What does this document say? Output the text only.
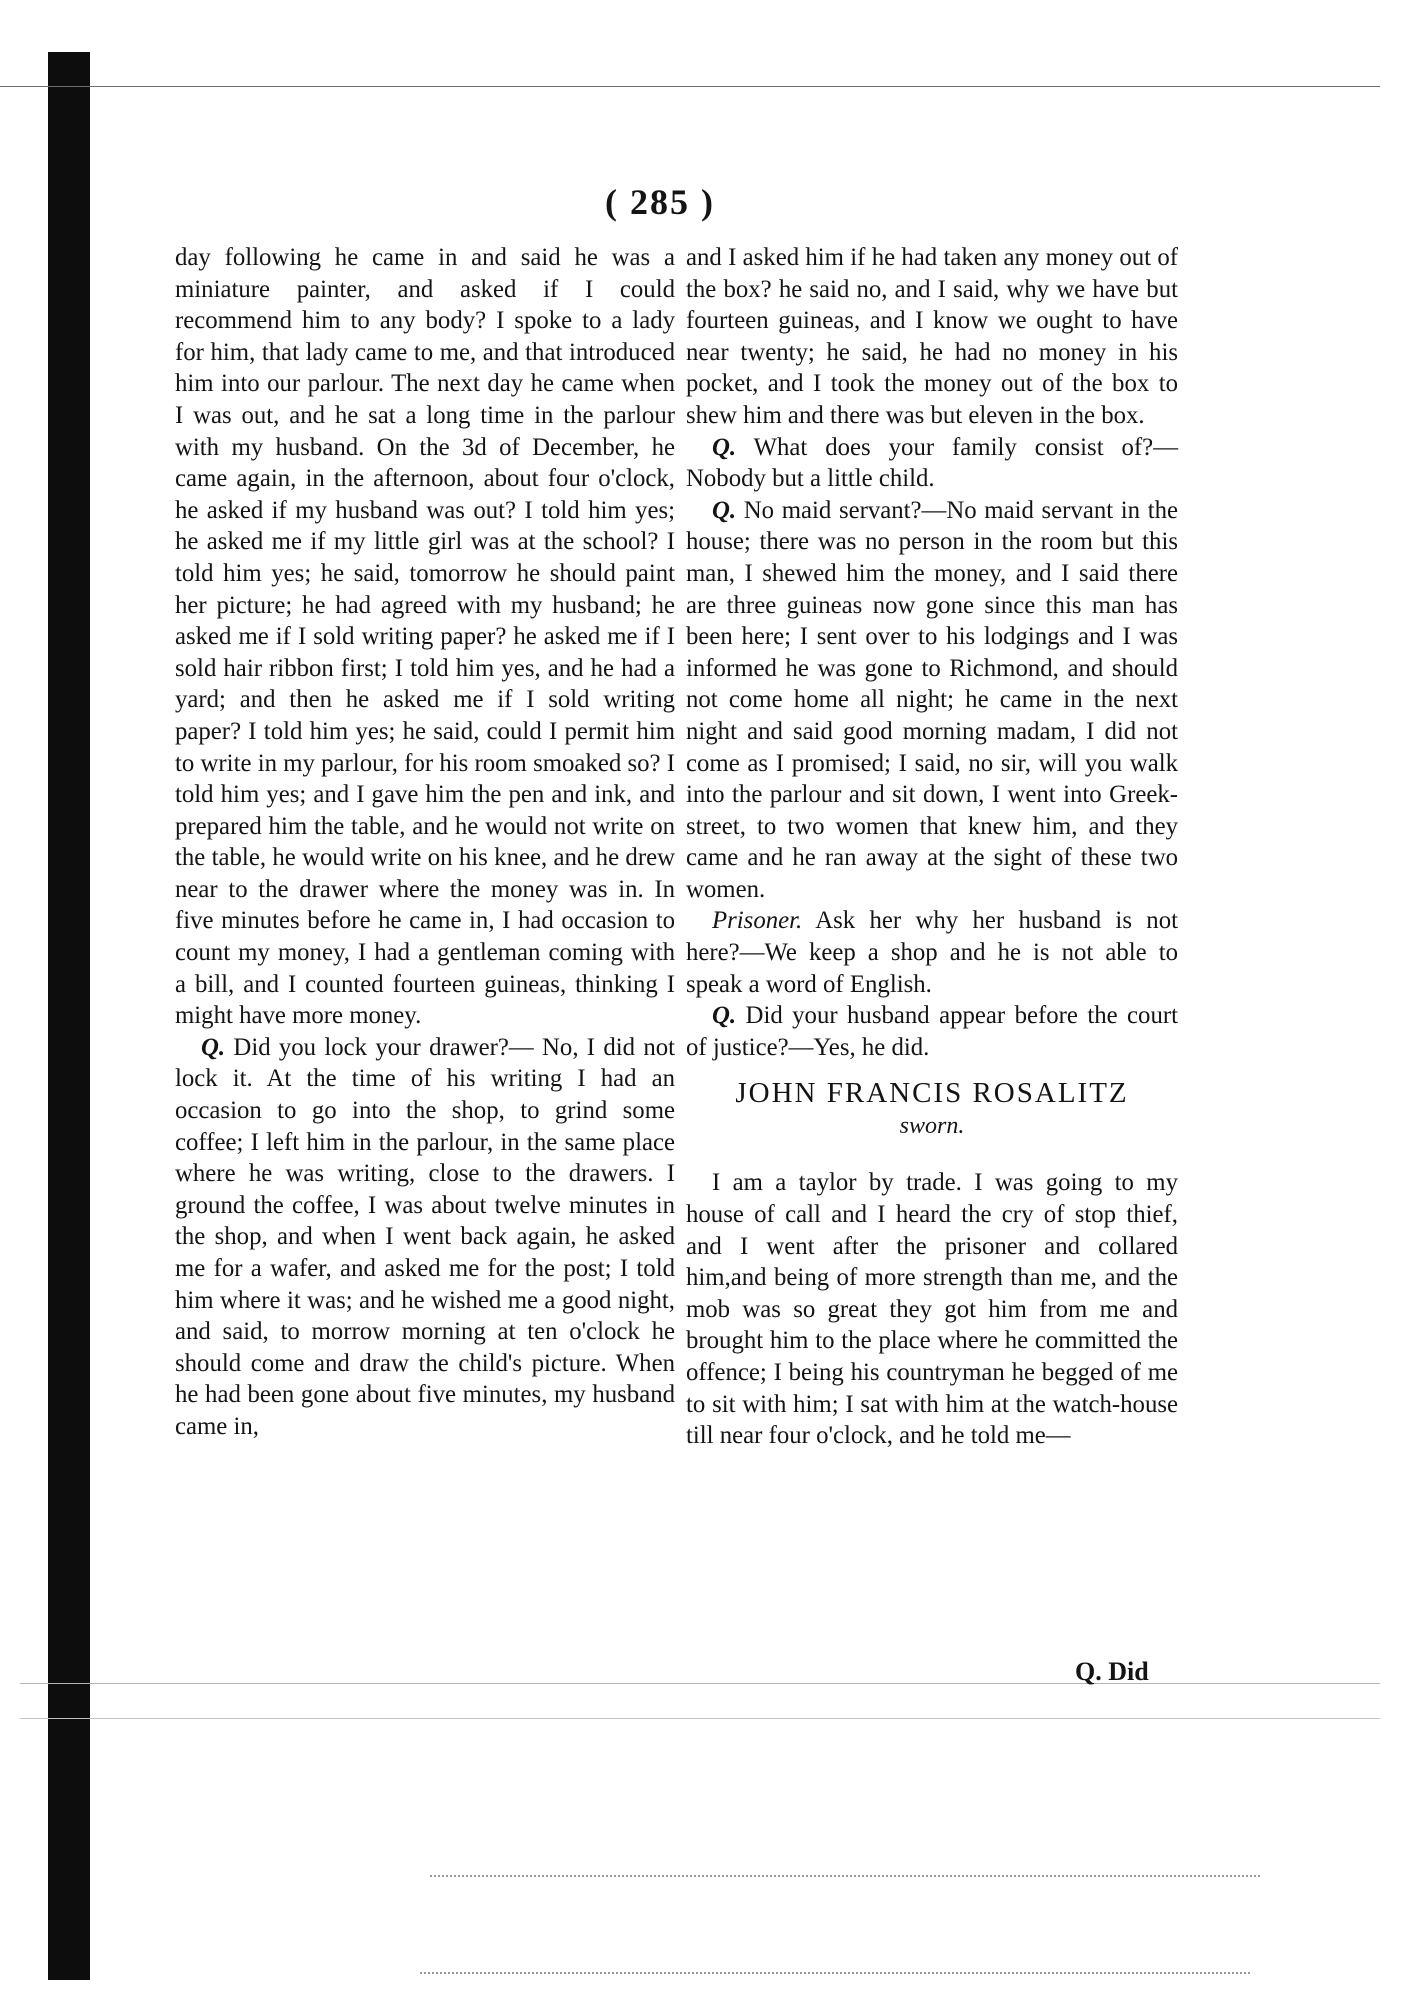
( 285 )

day following he came in and said he was a miniature painter, and asked if I could recommend him to any body? I spoke to a lady for him, that lady came to me, and that introduced him into our parlour. The next day he came when I was out, and he sat a long time in the parlour with my husband. On the 3d of December, he came again, in the afternoon, about four o'clock, he asked if my husband was out? I told him yes; he asked me if my little girl was at the school? I told him yes; he said, tomorrow he should paint her picture; he had agreed with my husband; he asked me if I sold writing paper? he asked me if I sold hair ribbon first; I told him yes, and he had a yard; and then he asked me if I sold writing paper? I told him yes; he said, could I permit him to write in my parlour, for his room smoaked so? I told him yes; and I gave him the pen and ink, and prepared him the table, and he would not write on the table, he would write on his knee, and he drew near to the drawer where the money was in. In five minutes before he came in, I had occasion to count my money, I had a gentleman coming with a bill, and I counted fourteen guineas, thinking I might have more money.

Q. Did you lock your drawer?— No, I did not lock it. At the time of his writing I had an occasion to go into the shop, to grind some coffee; I left him in the parlour, in the same place where he was writing, close to the drawers. I ground the coffee, I was about twelve minutes in the shop, and when I went back again, he asked me for a wafer, and asked me for the post; I told him where it was; and he wished me a good night, and said, to morrow morning at ten o'clock he should come and draw the child's picture. When he had been gone about five minutes, my husband came in,

and I asked him if he had taken any money out of the box? he said no, and I said, why we have but fourteen guineas, and I know we ought to have near twenty; he said, he had no money in his pocket, and I took the money out of the box to shew him and there was but eleven in the box.

Q. What does your family consist of?—Nobody but a little child.

Q. No maid servant?—No maid servant in the house; there was no person in the room but this man, I shewed him the money, and I said there are three guineas now gone since this man has been here; I sent over to his lodgings and I was informed he was gone to Richmond, and should not come home all night; he came in the next night and said good morning madam, I did not come as I promised; I said, no sir, will you walk into the parlour and sit down, I went into Greek-street, to two women that knew him, and they came and he ran away at the sight of these two women.

Prisoner. Ask her why her husband is not here?—We keep a shop and he is not able to speak a word of English.

Q. Did your husband appear before the court of justice?—Yes, he did.

JOHN FRANCIS ROSALITZ
sworn.

I am a taylor by trade. I was going to my house of call and I heard the cry of stop thief, and I went after the prisoner and collared him,and being of more strength than me, and the mob was so great they got him from me and brought him to the place where he committed the offence; I being his countryman he begged of me to sit with him; I sat with him at the watch-house till near four o'clock, and he told me—

Q. Did
